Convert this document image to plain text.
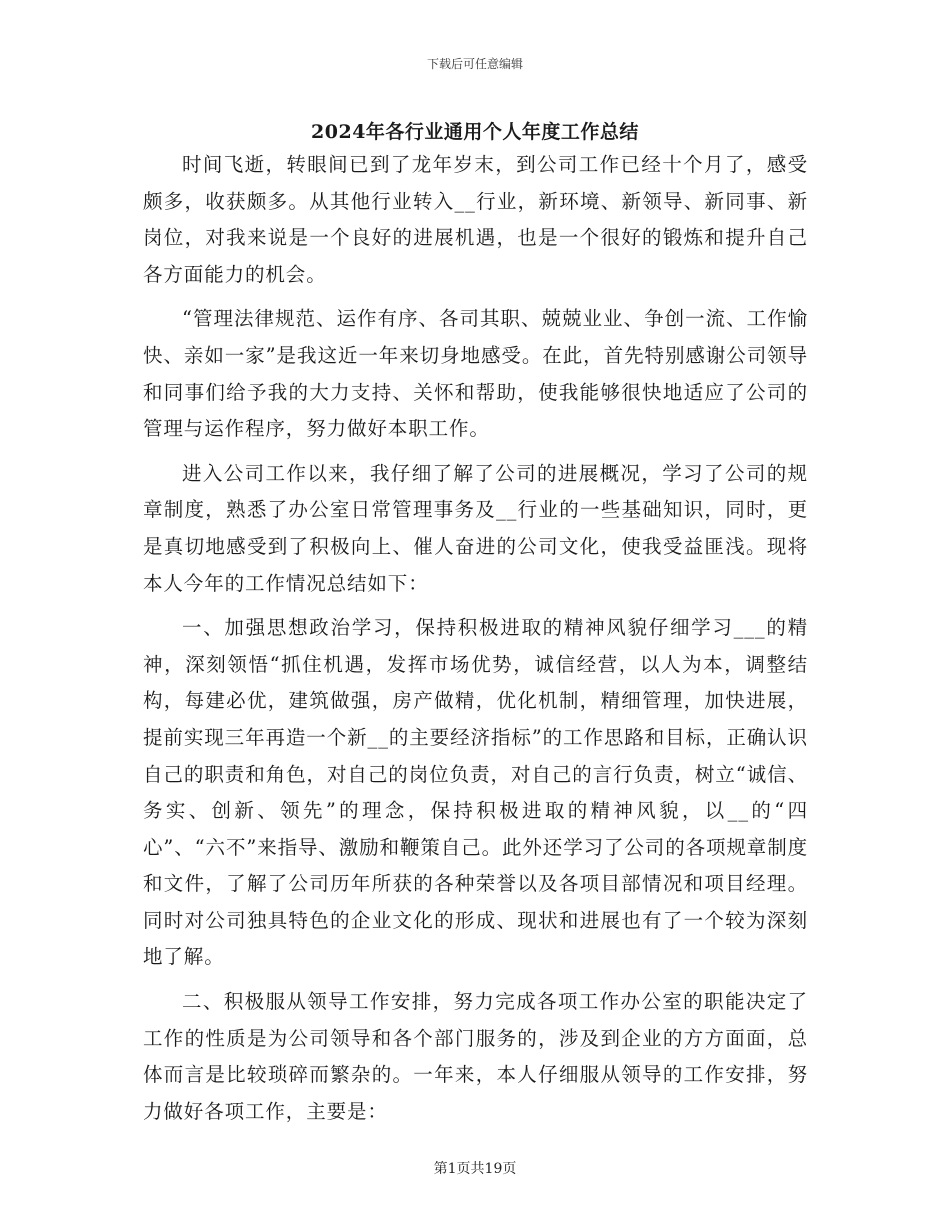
下载后可任意编辑
2024年各行业通用个人年度工作总结

时间飞逝，转眼间已到了龙年岁末，到公司工作已经十个月了，感受颇多，收获颇多。从其他行业转入__行业，新环境、新领导、新同事、新岗位，对我来说是一个良好的进展机遇，也是一个很好的锻炼和提升自己各方面能力的机会。

“管理法律规范、运作有序、各司其职、兢兢业业、争创一流、工作愉快、亲如一家”是我这近一年来切身地感受。在此，首先特别感谢公司领导和同事们给予我的大力支持、关怀和帮助，使我能够很快地适应了公司的管理与运作程序，努力做好本职工作。

进入公司工作以来，我仔细了解了公司的进展概况，学习了公司的规章制度，熟悉了办公室日常管理事务及__行业的一些基础知识，同时，更是真切地感受到了积极向上、催人奋进的公司文化，使我受益匪浅。现将本人今年的工作情况总结如下：

一、加强思想政治学习，保持积极进取的精神风貌仔细学习___的精神，深刻领悟“抓住机遇，发挥市场优势，诚信经营，以人为本，调整结构，每建必优，建筑做强，房产做精，优化机制，精细管理，加快进展，提前实现三年再造一个新__的主要经济指标”的工作思路和目标，正确认识自己的职责和角色，对自己的岗位负责，对自己的言行负责，树立“诚信、务实、创新、领先”的理念，保持积极进取的精神风貌，以__的“四心”、“六不”来指导、激励和鞭策自己。此外还学习了公司的各项规章制度和文件，了解了公司历年所获的各种荣誉以及各项目部情况和项目经理。同时对公司独具特色的企业文化的形成、现状和进展也有了一个较为深刻地了解。

二、积极服从领导工作安排，努力完成各项工作办公室的职能决定了工作的性质是为公司领导和各个部门服务的，涉及到企业的方方面面，总体而言是比较琐碎而繁杂的。一年来，本人仔细服从领导的工作安排，努力做好各项工作，主要是：

第1页共19页
